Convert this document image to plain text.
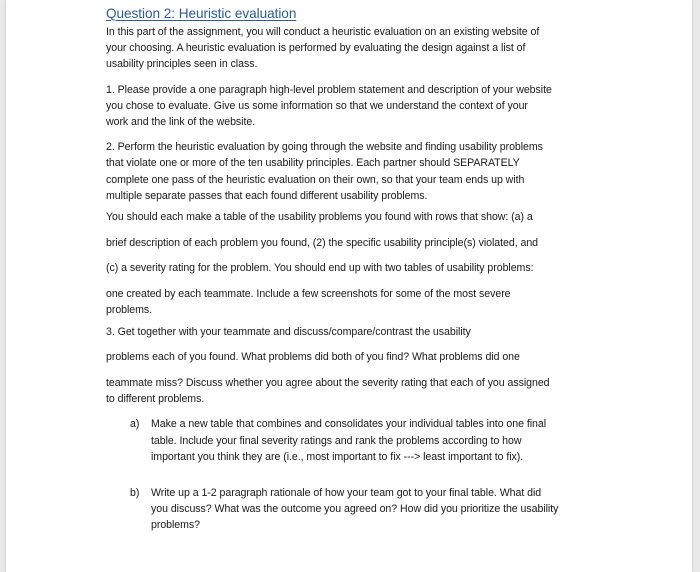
Question 2: Heuristic evaluation
In this part of the assignment, you will conduct a heuristic evaluation on an existing website of
your choosing. A heuristic evaluation is performed by evaluating the design against a list of
usability principles seen in class.
1. Please provide a one paragraph high-level problem statement and description of your website
you chose to evaluate. Give us some information so that we understand the context of your
work and the link of the website.
2. Perform the heuristic evaluation by going through the website and finding usability problems
that violate one or more of the ten usability principles. Each partner should SEPARATELY
complete one pass of the heuristic evaluation on their own, so that your team ends up with
multiple separate passes that each found different usability problems.
You should each make a table of the usability problems you found with rows that show: (a) a
brief description of each problem you found, (2) the specific usability principle(s) violated, and
(c) a severity rating for the problem. You should end up with two tables of usability problems:
one created by each teammate. Include a few screenshots for some of the most severe
problems.
3. Get together with your teammate and discuss/compare/contrast the usability
problems each of you found. What problems did both of you find? What problems did one
teammate miss? Discuss whether you agree about the severity rating that each of you assigned
to different problems.
a) Make a new table that combines and consolidates your individual tables into one final
table. Include your final severity ratings and rank the problems according to how
important you think they are (i.e., most important to fix ---> least important to fix).
b) Write up a 1-2 paragraph rationale of how your team got to your final table. What did
you discuss? What was the outcome you agreed on? How did you prioritize the usability
problems?
